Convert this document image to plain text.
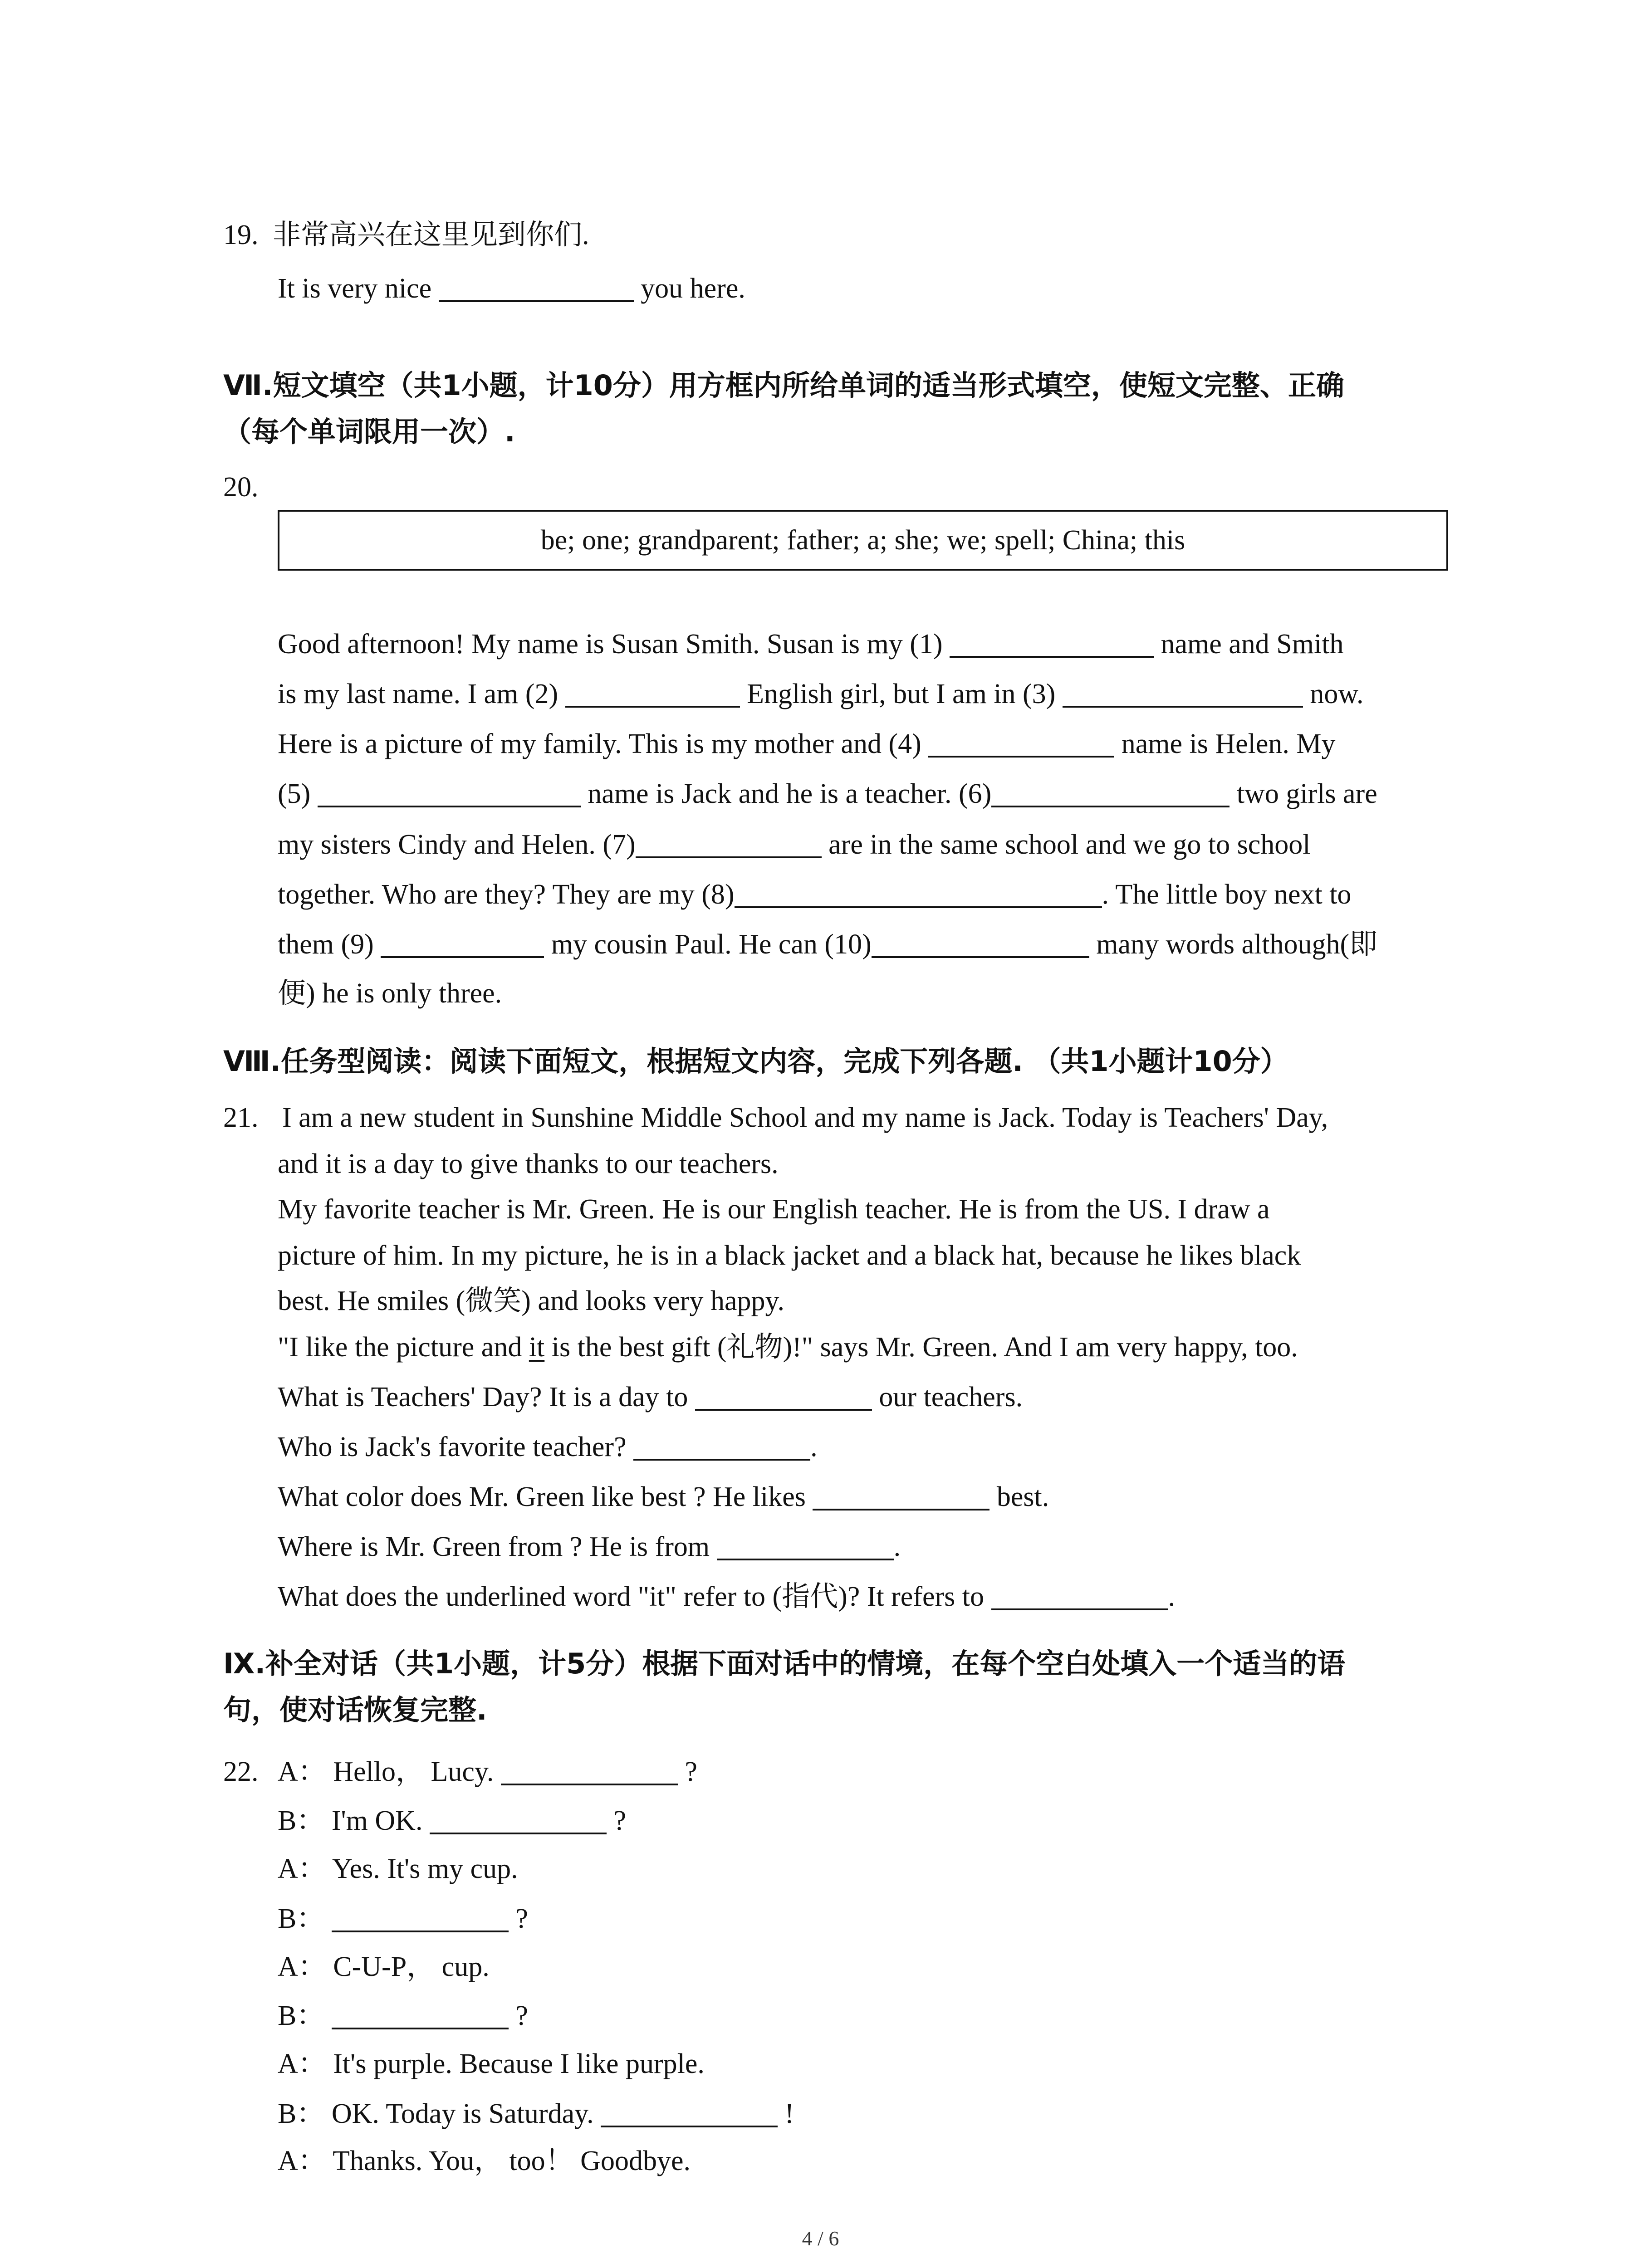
19. 非常高兴在这里见到你们.
It is very nice	you here.
Ⅶ.短文填空（共1小题，计10分）用方框内所给单词的适当形式填空，使短文完整、正确
（每个单词限用一次）.
20.
be; one; grandparent; father; a; she; we; spell; China; this
Good afternoon! My name is Susan Smith. Susan is my (1)	name and Smith
is my last name. I am (2)	English girl, but I am in (3)	now.
Here is a picture of my family. This is my mother and (4)	name is Helen. My
(5)	name is Jack and he is a teacher. (6)	two girls are
my sisters Cindy and Helen. (7)	are in the same school and we go to school
together. Who are they? They are my (8)	. The little boy next to
them (9)	my cousin Paul. He can (10)	many words although(即
便) he is only three.
Ⅷ.任务型阅读：阅读下面短文，根据短文内容，完成下列各题. （共1小题计10分）
21. I am a new student in Sunshine Middle School and my name is Jack. Today is Teachers' Day,
and it is a day to give thanks to our teachers.
My favorite teacher is Mr. Green. He is our English teacher. He is from the US. I draw a
picture of him. In my picture, he is in a black jacket and a black hat, because he likes black
best. He smiles (微笑) and looks very happy.
"I like the picture and it is the best gift (礼物)!" says Mr. Green. And I am very happy, too.
What is Teachers' Day? It is a day to	our teachers.
Who is Jack's favorite teacher?	.
What color does Mr. Green like best ? He likes	best.
Where is Mr. Green from ? He is from	.
What does the underlined word "it" refer to (指代)? It refers to	.
Ⅸ.补全对话（共1小题，计5分）根据下面对话中的情境，在每个空白处填入一个适当的语
句，使对话恢复完整.
22. A： Hello， Lucy.	?
B： I'm OK.	?
A： Yes. It's my cup.
B：	?
A： C-U-P， cup.
B：	?
A： It's purple. Because I like purple.
B： OK. Today is Saturday.	!
A： Thanks. You， too！ Goodbye.
4 / 6
